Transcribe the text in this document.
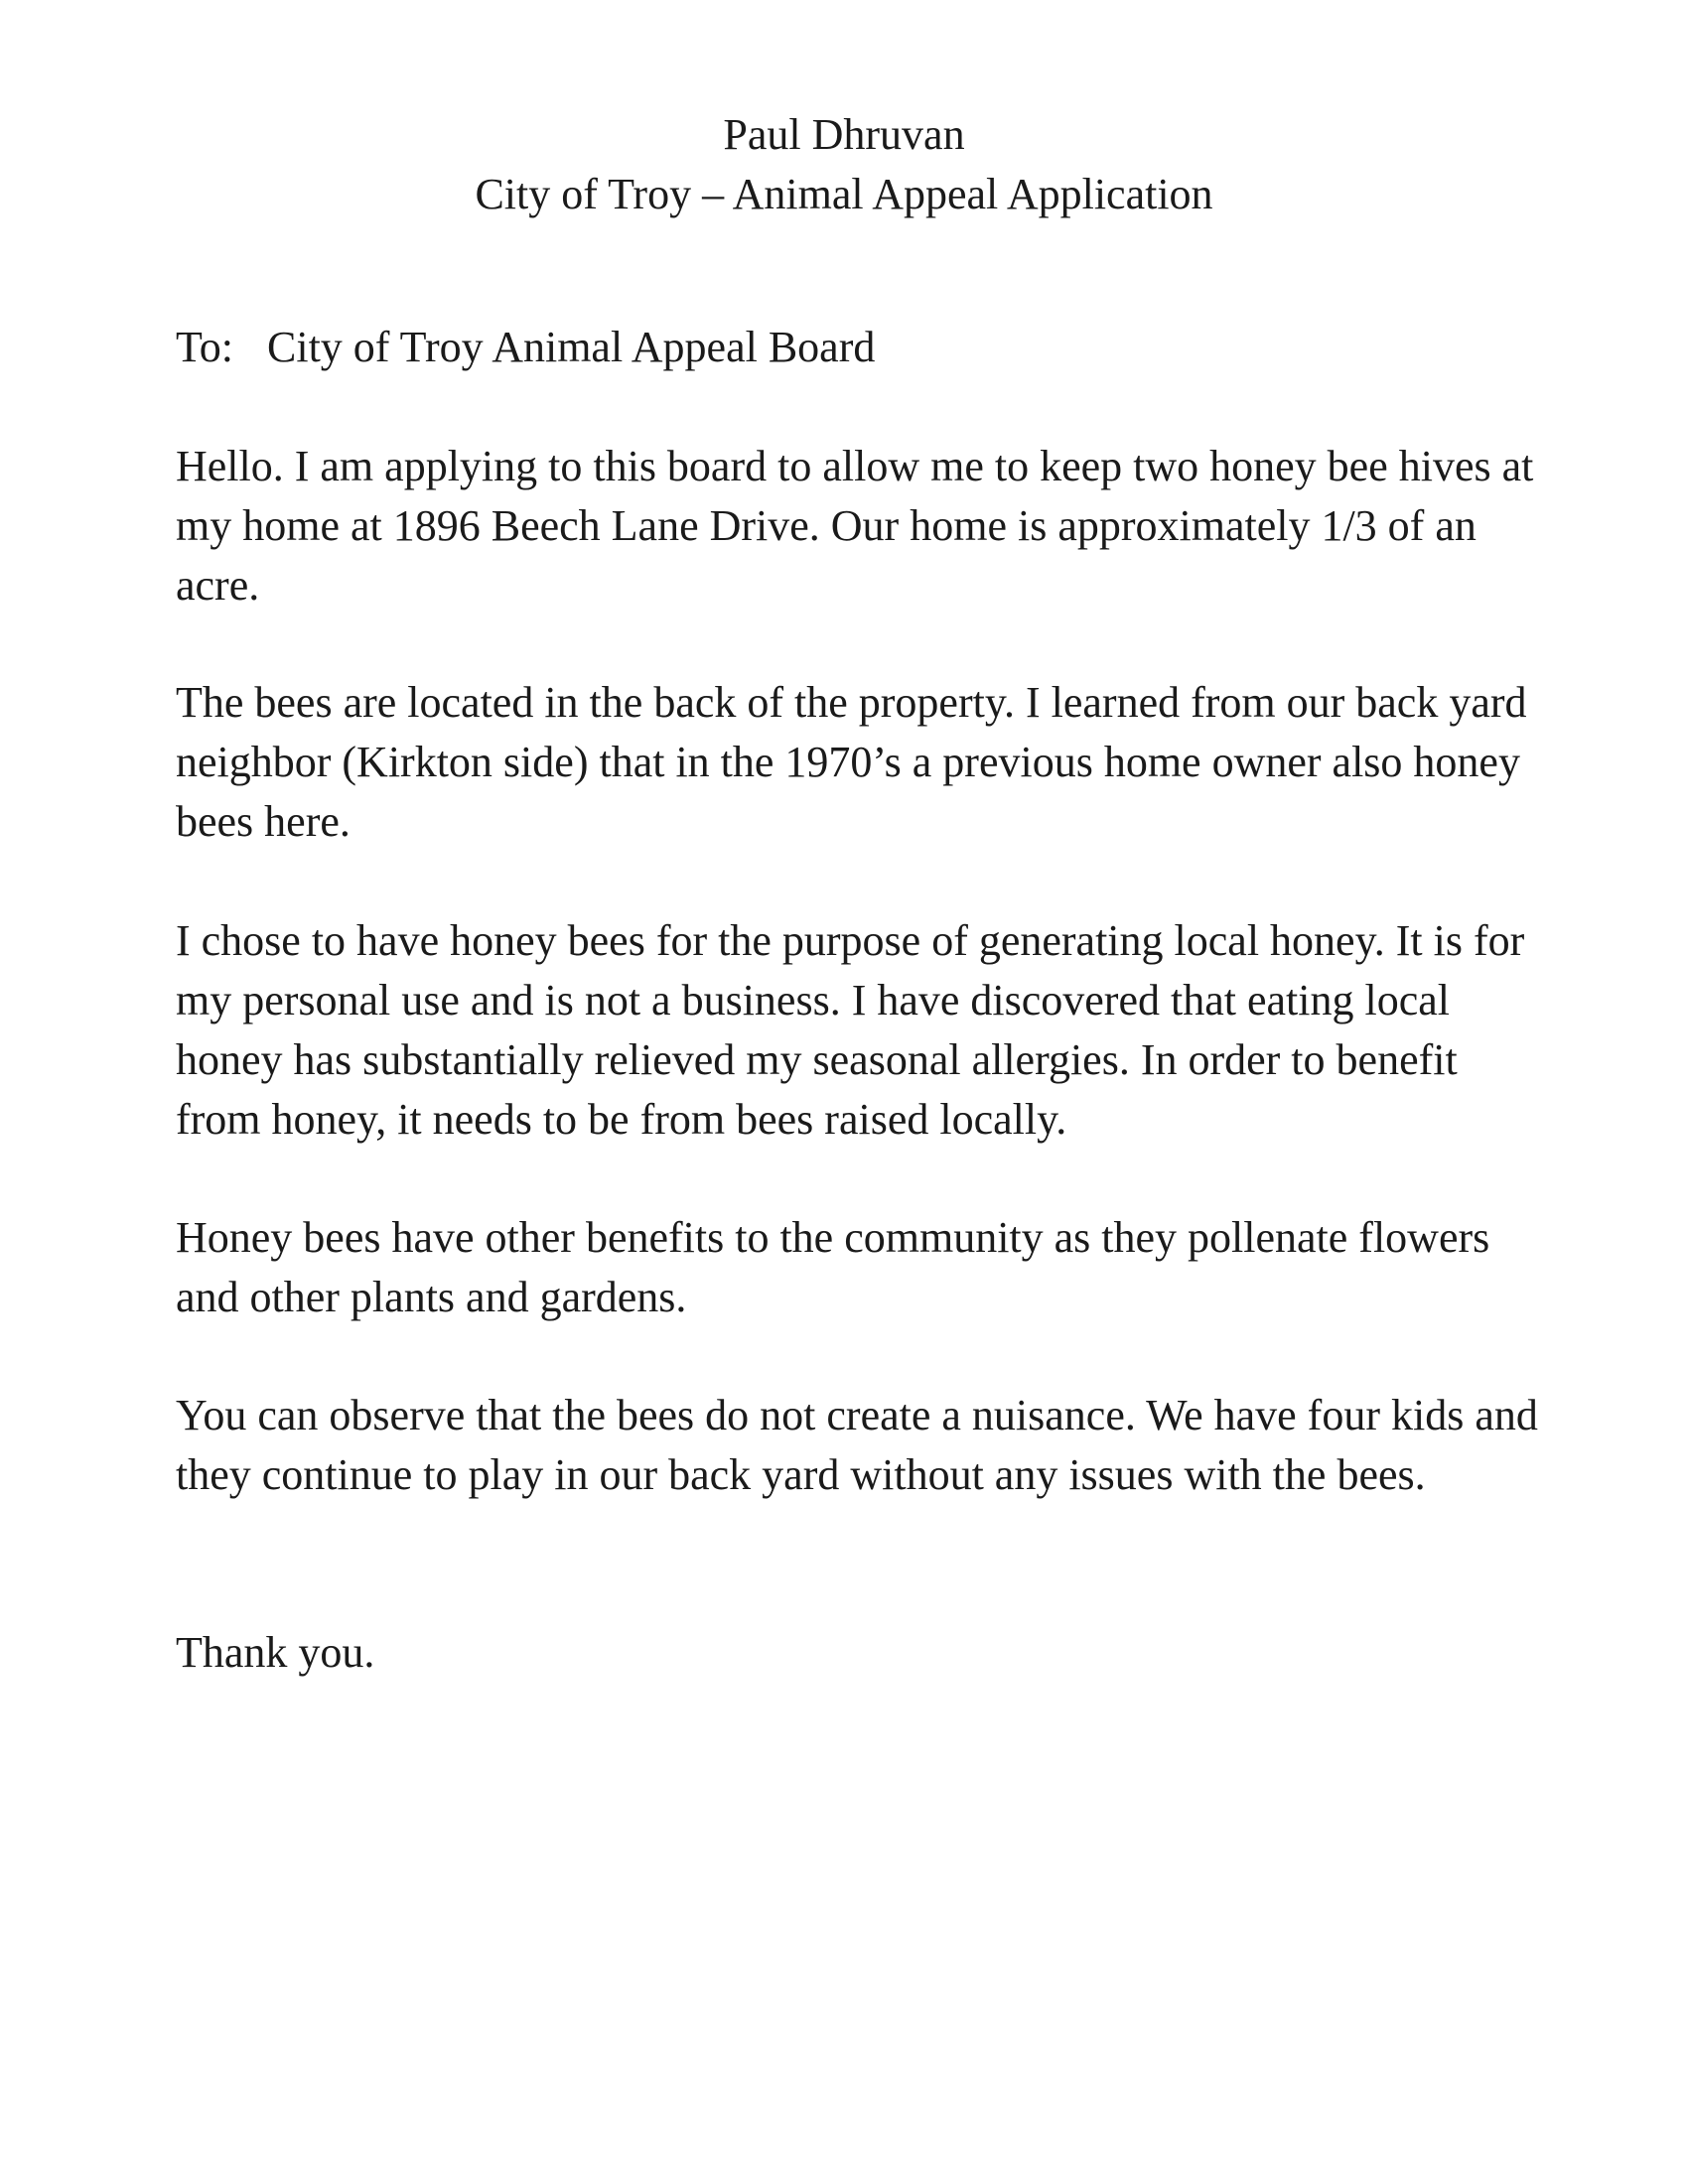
Paul Dhruvan
City of Troy – Animal Appeal Application
To: City of Troy Animal Appeal Board

Hello. I am applying to this board to allow me to keep two honey bee hives at my home at 1896 Beech Lane Drive. Our home is approximately 1/3 of an acre.

The bees are located in the back of the property. I learned from our back yard neighbor (Kirkton side) that in the 1970’s a previous home owner also honey bees here.

I chose to have honey bees for the purpose of generating local honey. It is for my personal use and is not a business. I have discovered that eating local honey has substantially relieved my seasonal allergies. In order to benefit from honey, it needs to be from bees raised locally.

Honey bees have other benefits to the community as they pollenate flowers and other plants and gardens.

You can observe that the bees do not create a nuisance. We have four kids and they continue to play in our back yard without any issues with the bees.

Thank you.
